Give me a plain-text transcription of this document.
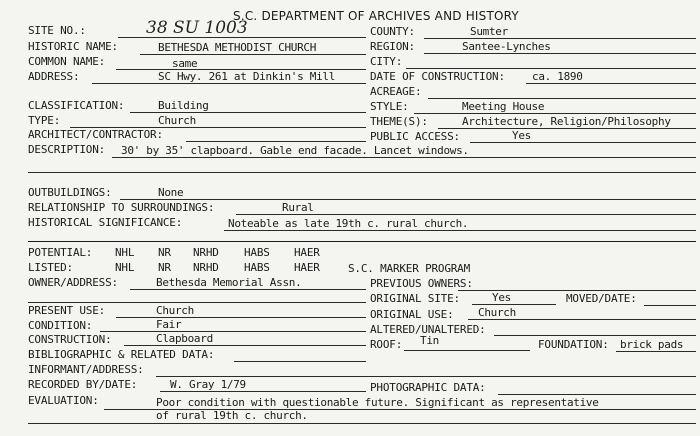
S.C. DEPARTMENT OF ARCHIVES AND HISTORY
SITE NO.:	38 SU 1003
HISTORIC NAME:	BETHESDA METHODIST CHURCH
COMMON NAME:	same
ADDRESS:	SC Hwy. 261 at Dinkin's Mill
CLASSIFICATION:	Building
TYPE:	Church
ARCHITECT/CONTRACTOR:
COUNTY:	Sumter
REGION:	Santee-Lynches
CITY:
DATE OF CONSTRUCTION: ca. 1890
ACREAGE:
STYLE:	Meeting House
THEME(S):	Architecture, Religion/Philosophy
PUBLIC ACCESS:	Yes
DESCRIPTION: 30' by 35' clapboard. Gable end facade. Lancet windows.
OUTBUILDINGS:	None
RELATIONSHIP TO SURROUNDINGS:	Rural
HISTORICAL SIGNIFICANCE:	Noteable as late 19th c. rural church.
POTENTIAL: NHL NR NRHD HABS HAER
LISTED:	NHL NR NRHD HABS HAER	S.C. MARKER PROGRAM
OWNER/ADDRESS:	Bethesda Memorial Assn.	PREVIOUS OWNERS:
ORIGINAL SITE:	Yes	MOVED/DATE:
PRESENT USE:	Church	ORIGINAL USE: Church
CONDITION:	Fair	ALTERED/UNALTERED:
CONSTRUCTION:	Clapboard	ROOF: Tin	FOUNDATION: brick pads
BIBLIOGRAPHIC & RELATED DATA:
INFORMANT/ADDRESS:
RECORDED BY/DATE:	W. Gray 1/79	PHOTOGRAPHIC DATA:
EVALUATION:	Poor condition with questionable future. Significant as representative
of rural 19th c. church.
